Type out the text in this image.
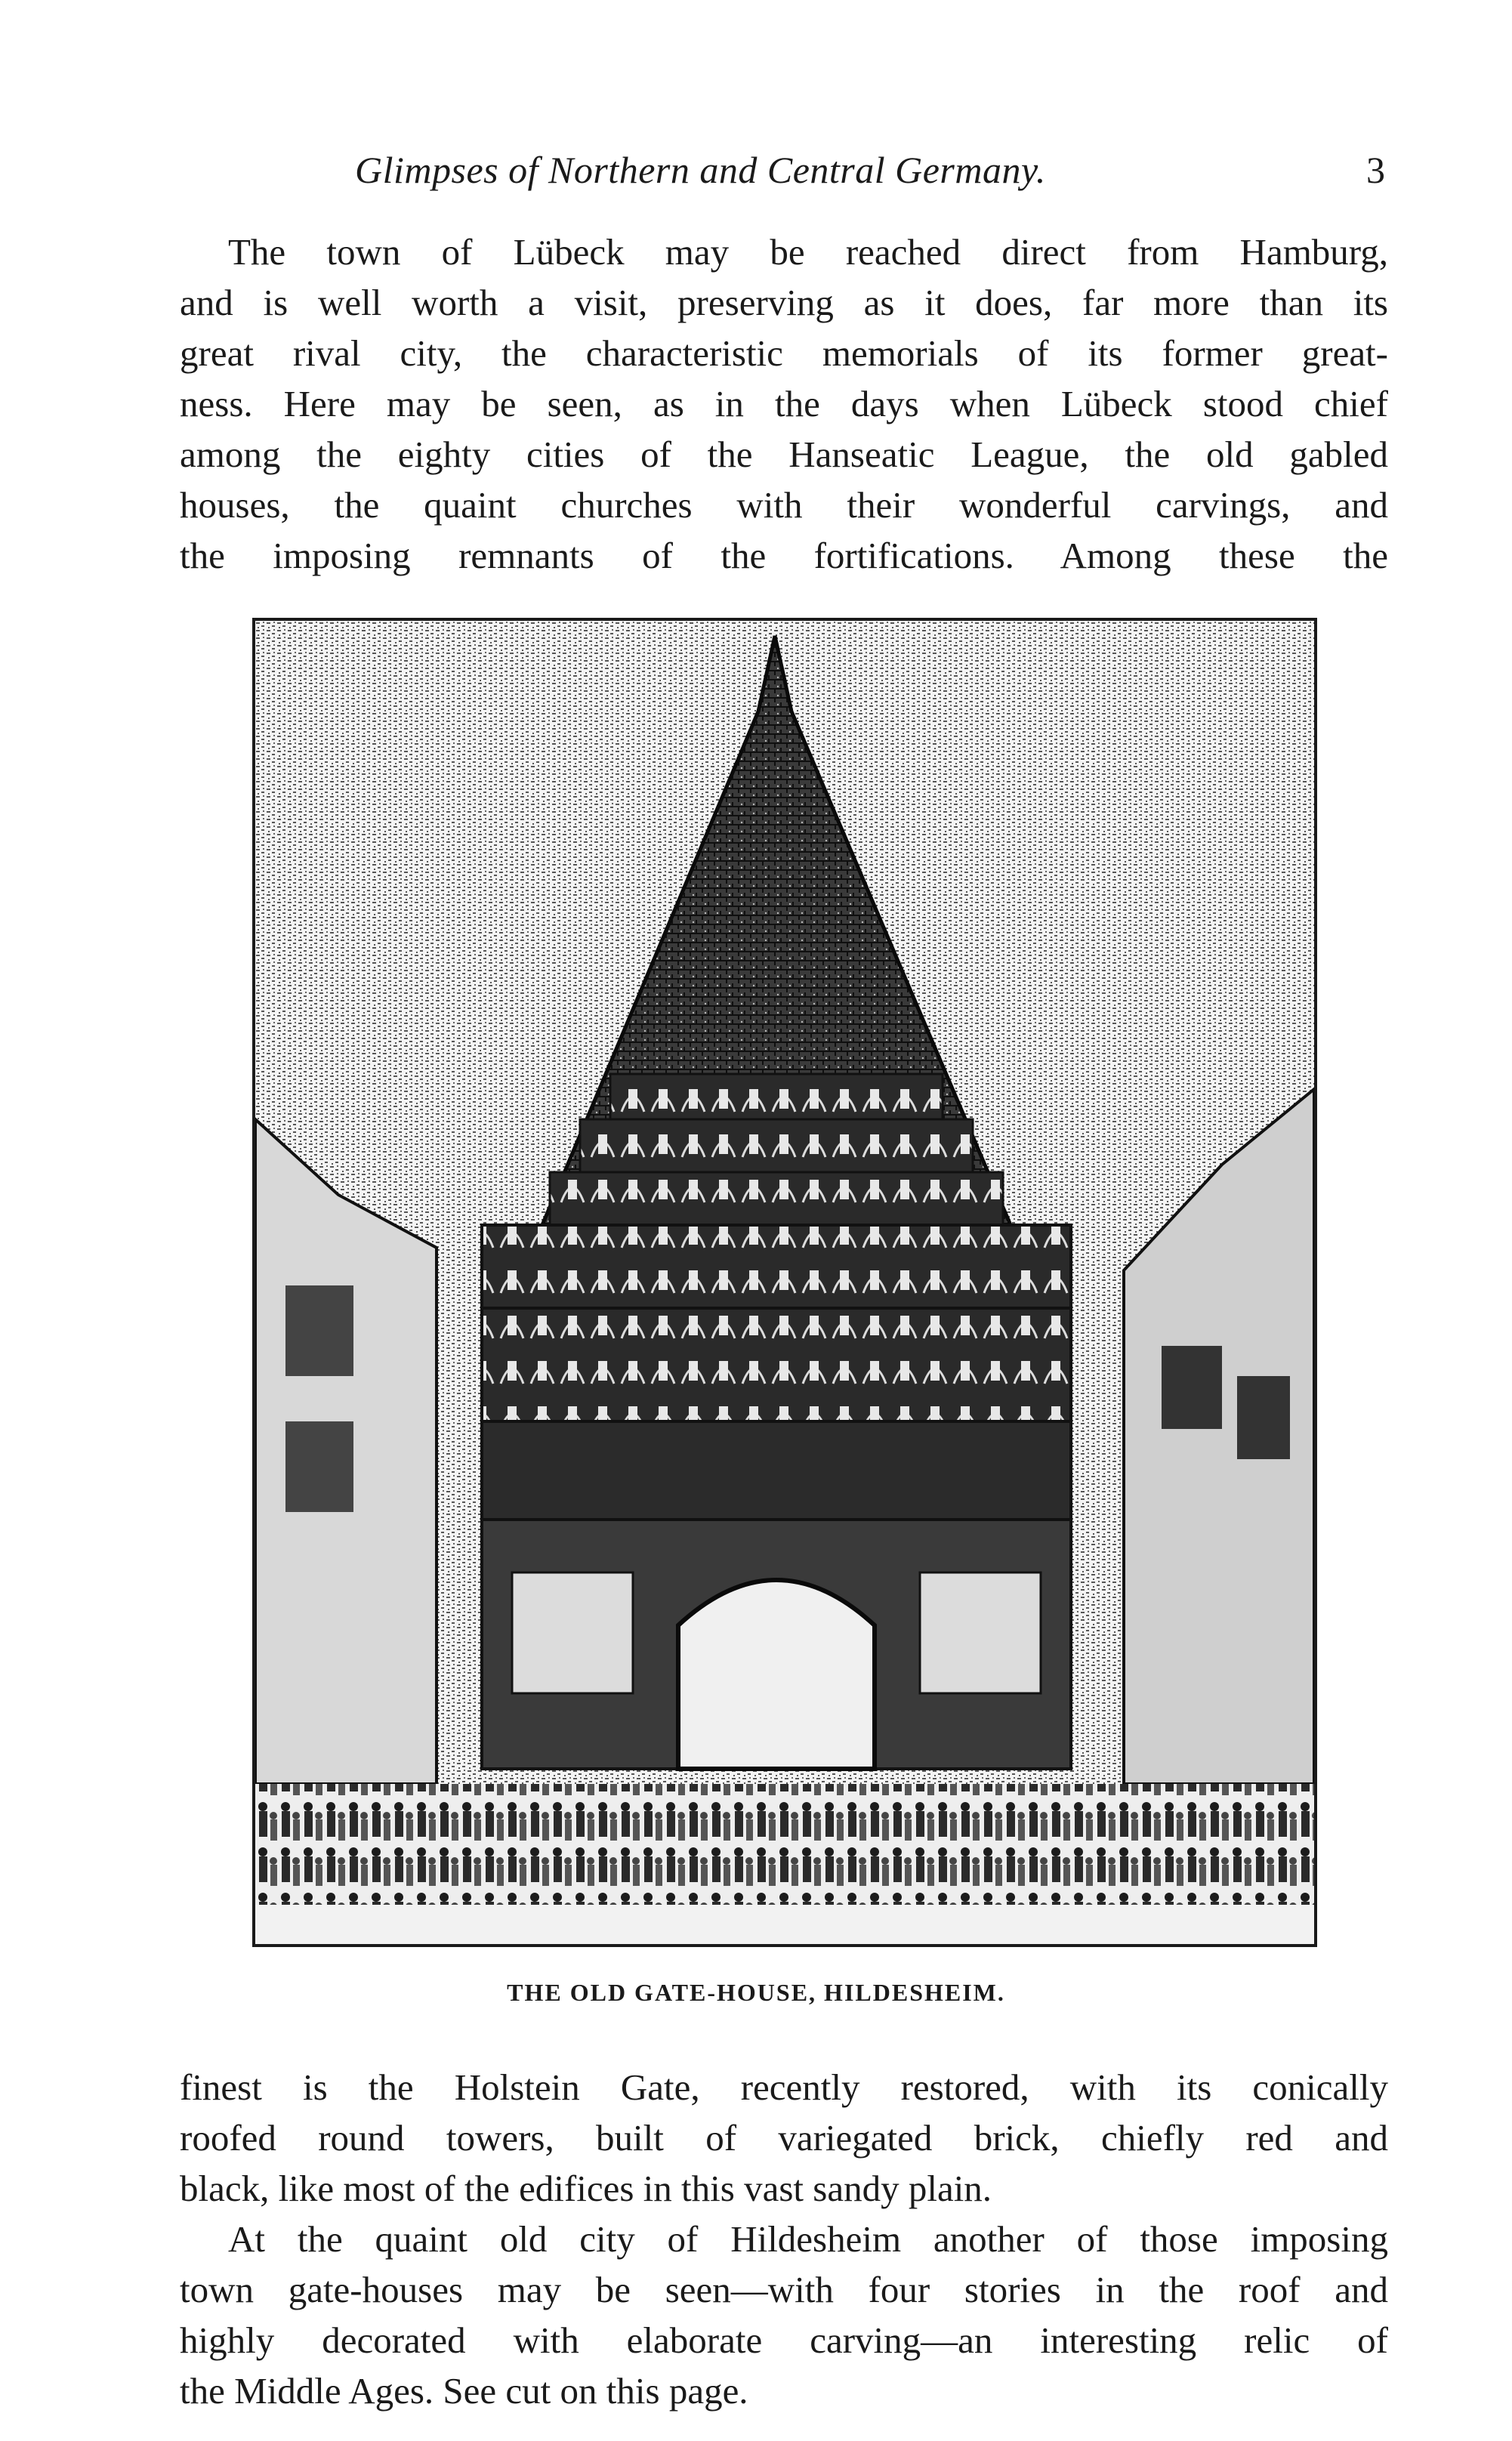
Glimpses of Northern and Central Germany.	3

The town of Lübeck may be reached direct from Hamburg,

and is well worth a visit, preserving as it does, far more than its

great rival city, the characteristic memorials of its former great-

ness. Here may be seen, as in the days when Lübeck stood chief

among the eighty cities of the Hanseatic League, the old gabled

houses, the quaint churches with their wonderful carvings, and

the imposing remnants of the fortifications. Among these the

THE OLD GATE-HOUSE, HILDESHEIM.

finest is the Holstein Gate, recently restored, with its conically

roofed round towers, built of variegated brick, chiefly red and

black, like most of the edifices in this vast sandy plain.

At the quaint old city of Hildesheim another of those imposing

town gate-houses may be seen—with four stories in the roof and

highly decorated with elaborate carving—an interesting relic of

the Middle Ages. See cut on this page.
